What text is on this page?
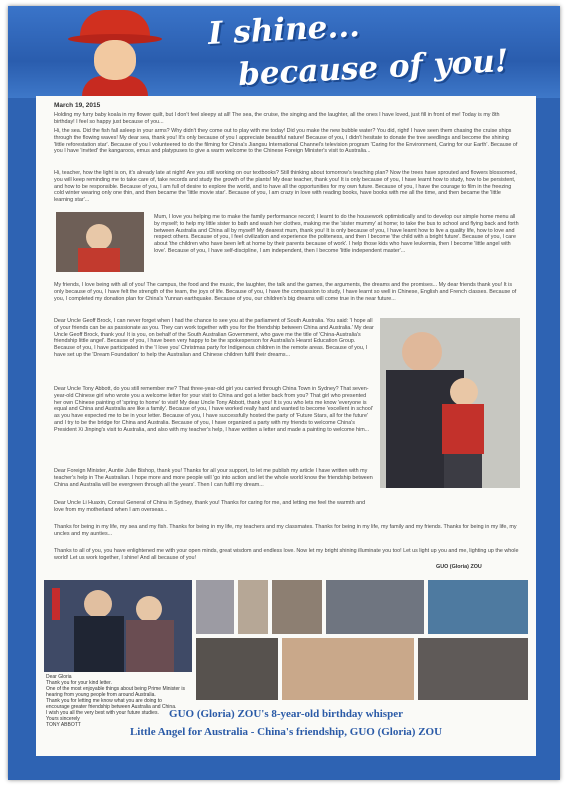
I shine...
because of you!

March 19, 2015

Holding my furry baby koala in my flower quilt, but I don't feel sleepy at all! The sea, the cruise, the singing and the laughter, all the ones I have loved, just fill in front of me! Today is my 8th birthday! I feel so happy just because of you...

Hi, the sea. Did the fish fall asleep in your arms? Why didn't they come out to play with me today! Did you make the new bubble water? You did, right! I have seen them chasing the cruise ships through the flowing waves! My dear sea, thank you! It's only because of you I appreciate beautiful nature! Because of you, I didn't hesitate to donate the tree seedlings and become the shining 'little reforestation star'. Because of you I volunteered to do the filming for China's Jiangsu International Channel's television program 'Caring for the Environment, Caring for our Earth'. Because of you I have 'invited' the kangaroos, emus and platypuses to give a warm welcome to the Chinese Foreign Minister's visit to Australia...

Hi, teacher, how the light is on, it's already late at night! Are you still working on our textbooks? Still thinking about tomorrow's teaching plan? Now the trees have sprouted and flowers blossomed, you will keep reminding me to take care of, take records and study the growth of the plants! My dear teacher, thank you! It is only because of you, I have learnt how to study, how to be persistent, and how to be responsible. Because of you, I am full of desire to explore the world, and to have all the opportunities for my own future. Because of you, I have the courage to film in the freezing cold winter wearing only one thin, and then became the 'little movie star'. Because of you, I am crazy in love with reading books, have books with me all the time, and then became the 'little learning star'...

Mum, I love you helping me to make the family performance record; I learnt to do the housework optimistically and to develop our simple home menu all by myself; to help my little sister to bath and wash her clothes, making me the 'sister mummy' at home; to take the bus to school and flying back and forth between Australia and China all by myself! My dearest mum, thank you! It is only because of you, I have learnt how to live a quality life, how to love and respect others. Because of you, I feel civilization and experience the politeness, and then I become 'the child with a bright future'. Because of you, I care about 'the children who have been left at home by their parents because of work'. I help those kids who have leukemia, then I become 'little angel with love'. Because of you, I have self-discipline, I am independent, then I become 'little independent master'...

My friends, I love being with all of you! The campus, the food and the music, the laughter, the talk and the games, the arguments, the dreams and the promises... My dear friends thank you! It is only because of you, I have felt the strength of the team, the joys of life. Because of you, I have the compassion to study, I have learnt so well in Chinese, English and French classes. Because of you, I completed my donation plan for China's Yunnan earthquake. Because of you, our children's big dreams will come true in the near future...

Dear Uncle Geoff Brock, I can never forget when I had the chance to see you at the parliament of South Australia. You said: 'I hope all of your friends can be as passionate as you. They can work together with you for the friendship between China and Australia.' My dear Uncle Geoff Brock, thank you! It is you, on behalf of the South Australian Government, who gave me the title of 'China-Australia's friendship little angel'. Because of you, I have been very happy to be the spokesperson for Australia's Hearst Education Group. Because of you, I have participated in the 'I love you' Christmas party for Indigenous children in the remote areas. Because of you, I have set up the 'Dream Foundation' to help the Australian and Chinese children fulfil their dreams...

Dear Uncle Tony Abbott, do you still remember me? That three-year-old girl you carried through China Town in Sydney? That seven-year-old Chinese girl who wrote you a welcome letter for your visit to China and got a letter back from you? That girl who presented her own Chinese painting of 'spring to home' to visit! My dear Uncle Tony Abbott, thank you! It is you who lets me know 'everyone is equal and China and Australia are like a family'. Because of you, I have worked really hard and wanted to become 'excellent in school' as you have expected me to be in your letter. Because of you, I have successfully hosted the party of 'Future Stars, all for the future' and I try to be the bridge for China and Australia. Because of you, I have organized a party with my friends to welcome China's President Xi Jinping's visit to Australia, and also with my teacher's help, I have written a letter and made a painting to welcome him...

Dear Foreign Minister, Auntie Julie Bishop, thank you! Thanks for all your support, to let me publish my article I have written with my teacher's help in The Australian. I hope more and more people will 'go into action and let the whole world know the friendship between China and Australia will be evergreen through all the years'. Then I can fulfil my dream...

Dear Uncle Li Huaxin, Consul General of China in Sydney, thank you! Thanks for caring for me, and letting me feel the warmth and love from my motherland when I am overseas...

Thanks for being in my life, my sea and my fish. Thanks for being in my life, my teachers and my classmates. Thanks for being in my life, my family and my friends. Thanks for being in my life, my uncles and my aunties...

Thanks to all of you, you have enlightened me with your open minds, great wisdom and endless love. Now let my bright shining illuminate you too! Let us light up you and me, lighting up the whole world! Let us work together, I shine! And all because of you!

GUO (Gloria) ZOU

Dear Gloria
Thank you for your kind letter.
One of the most enjoyable things about being Prime Minister is hearing from young people from around Australia.
Thank you for letting me know what you are doing to encourage greater friendship between Australia and China.
I wish you all the very best with your future studies.
Yours sincerely
TONY ABBOTT
GUO (Gloria) ZOU's 8-year-old birthday whisper
Little Angel for Australia - China's friendship, GUO (Gloria) ZOU
